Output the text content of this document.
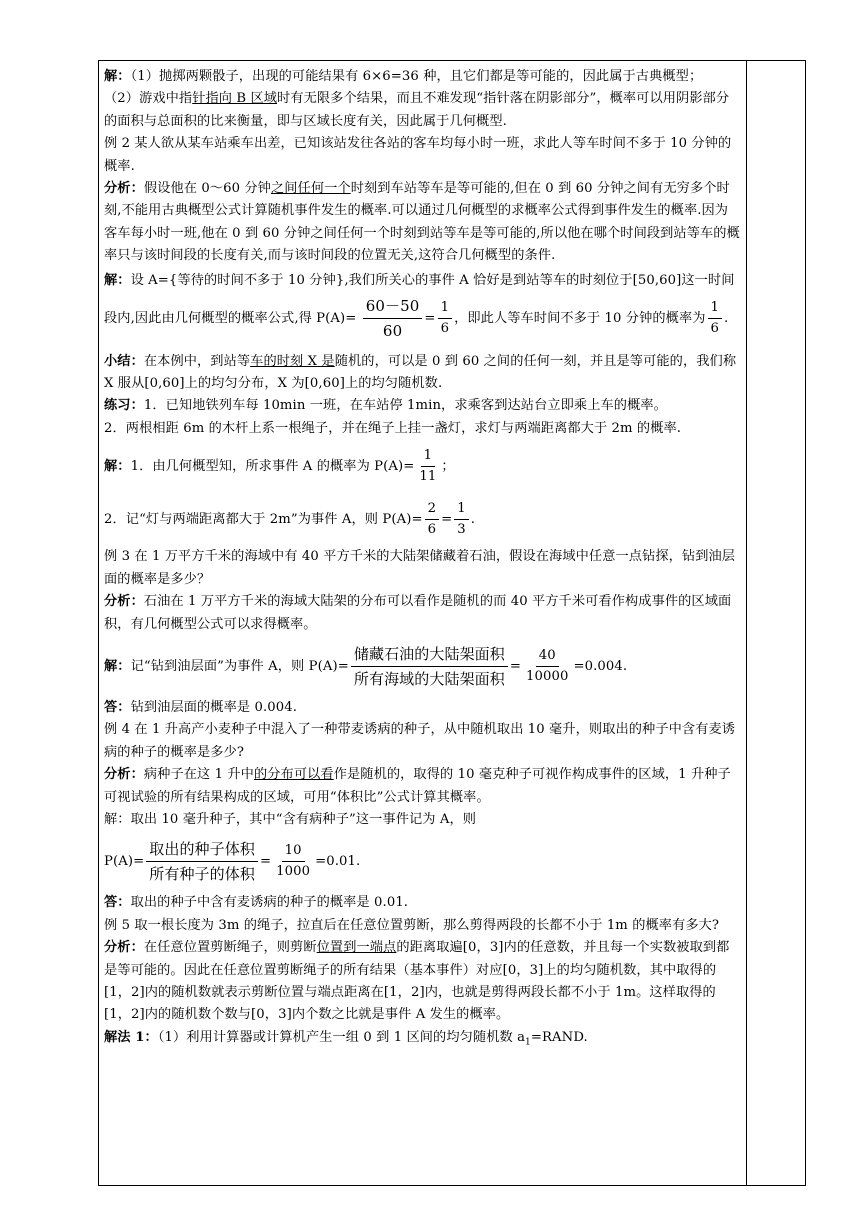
解：（1）抛掷两颗骰子，出现的可能结果有 6×6=36 种，且它们都是等可能的，因此属于古典概型；

（2）游戏中指针指向 B 区域时有无限多个结果，而且不难发现“指针落在阴影部分”，概率可以用阴影部分的面积与总面积的比来衡量，即与区域长度有关，因此属于几何概型.

例 2 某人欲从某车站乘车出差，已知该站发往各站的客车均每小时一班，求此人等车时间不多于 10 分钟的概率.

分析：假设他在 0～60 分钟之间任何一个时刻到车站等车是等可能的,但在 0 到 60 分钟之间有无穷多个时刻,不能用古典概型公式计算随机事件发生的概率.可以通过几何概型的求概率公式得到事件发生的概率.因为客车每小时一班,他在 0 到 60 分钟之间任何一个时刻到站等车是等可能的,所以他在哪个时间段到站等车的概率只与该时间段的长度有关,而与该时间段的位置无关,这符合几何概型的条件.

解：设 A={等待的时间不多于 10 分钟},我们所关心的事件 A 恰好是到站等车的时刻位于[50,60]这一时间段内,因此由几何概型的概率公式,得 $P(A)= \frac{60-50}{60} = \frac{1}{6}$ ，即此人等车时间不多于 10 分钟的概率为 $\frac{1}{6}$ .

小结：在本例中，到站等车的时刻 X 是随机的，可以是 0 到 60 之间的任何一刻，并且是等可能的，我们称 X 服从[0,60]上的均匀分布，X 为[0,60]上的均匀随机数.

练习：1．已知地铁列车每 10min 一班，在车站停 1min，求乘客到达站台立即乘上车的概率。

2．两根相距 6m 的木杆上系一根绳子，并在绳子上挂一盏灯，求灯与两端距离都大于 2m 的概率.

解：1．由几何概型知，所求事件 A 的概率为 $P(A)= \frac{1}{11}$ ；

2．记“灯与两端距离都大于 2m”为事件 A，则 $P(A)= \frac{2}{6} = \frac{1}{3}$ .

例 3 在 1 万平方千米的海域中有 40 平方千米的大陆架储藏着石油，假设在海域中任意一点钻探，钻到油层面的概率是多少？

分析：石油在 1 万平方千米的海域大陆架的分布可以看作是随机的而 40 平方千米可看作构成事件的区域面积，有几何概型公式可以求得概率。

解：记“钻到油层面”为事件 A，则 $P(A)= \frac{\text{储藏石油的大陆架面积}}{\text{所有海域的大陆架面积}} = \frac{40}{10000} =0.004$.

答：钻到油层面的概率是 0.004.

例 4 在 1 升高产小麦种子中混入了一种带麦诱病的种子，从中随机取出 10 毫升，则取出的种子中含有麦诱病的种子的概率是多少?

分析：病种子在这 1 升中的分布可以看作是随机的，取得的 10 毫克种子可视作构成事件的区域，1 升种子可视试验的所有结果构成的区域，可用“体积比”公式计算其概率。

解：取出 10 毫升种子，其中“含有病种子”这一事件记为 A，则

$P(A)= \frac{\text{取出的种子体积}}{\text{所有种子的体积}} = \frac{10}{1000} =0.01$.

答：取出的种子中含有麦诱病的种子的概率是 0.01.

例 5 取一根长度为 3m 的绳子，拉直后在任意位置剪断，那么剪得两段的长都不小于 1m 的概率有多大?

分析：在任意位置剪断绳子，则剪断位置到一端点的距离取遍[0，3]内的任意数，并且每一个实数被取到都是等可能的。因此在任意位置剪断绳子的所有结果（基本事件）对应[0，3]上的均匀随机数，其中取得的[1，2]内的随机数就表示剪断位置与端点距离在[1，2]内，也就是剪得两段长都不小于 1m。这样取得的[1，2]内的随机数个数与[0，3]内个数之比就是事件 A 发生的概率。

解法 1：（1）利用计算器或计算机产生一组 0 到 1 区间的均匀随机数 $a_1=RAND$.
